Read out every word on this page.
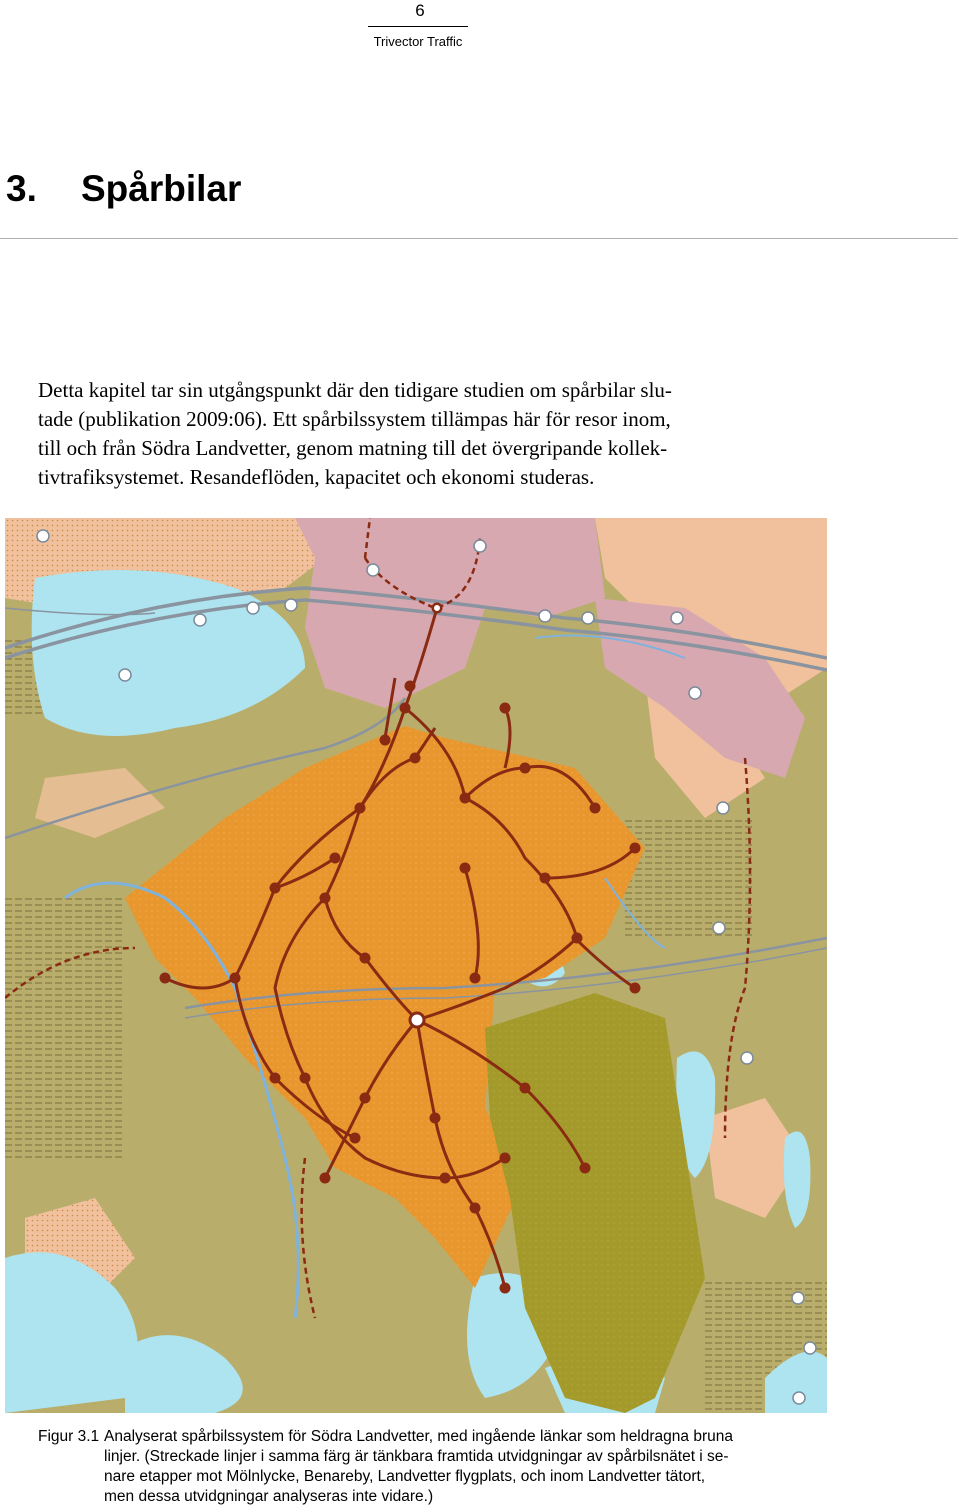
6
Trivector Traffic
3. Spårbilar
Detta kapitel tar sin utgångspunkt där den tidigare studien om spårbilar slu-
tade (publikation 2009:06). Ett spårbilssystem tillämpas här för resor inom,
till och från Södra Landvetter, genom matning till det övergripande kollek-
tivtrafiksystemet. Resandeflöden, kapacitet och ekonomi studeras.
Figur 3.1 Analyserat spårbilssystem för Södra Landvetter, med ingående länkar som heldragna bruna
linjer. (Streckade linjer i samma färg är tänkbara framtida utvidgningar av spårbilsnätet i se-
nare etapper mot Mölnlycke, Benareby, Landvetter flygplats, och inom Landvetter tätort,
men dessa utvidgningar analyseras inte vidare.)
